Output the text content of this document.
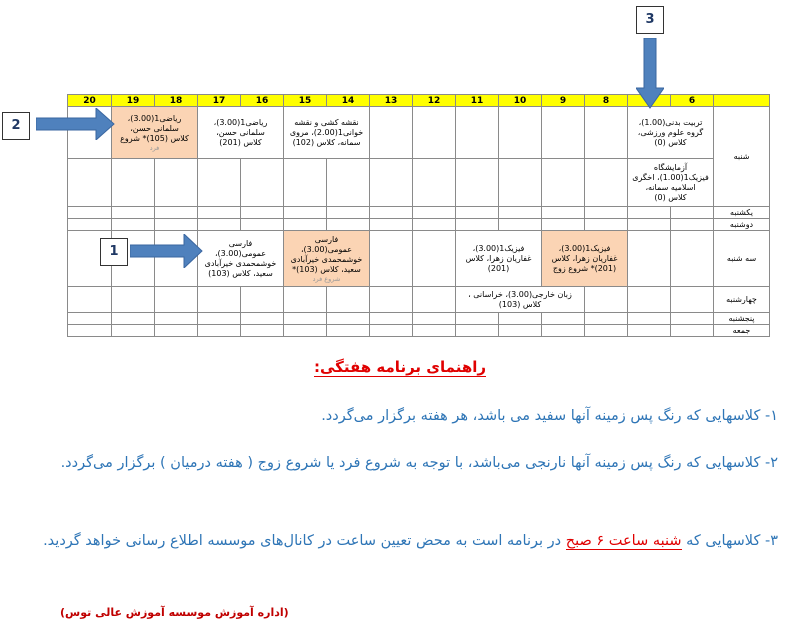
20	19	18	17	16	15	14	13	12	11	10	9	8		6	
	ریاضی1(3.00)،
سلمانی حسن،
کلاس (105)* شروع
فرد		ریاضی1(3.00)،
سلمانی حسن،
کلاس (201)		نقشه کشی و نقشه
خوانی1(2.00)، مروی
سمانه، کلاس (102)								تربیت بدنی(1.00)،
گروه علوم ورزشی،
کلاس (0)		شنبه
													آزمایشگاه
فیزیک1(1.00)، اخگری
اسلامیه سمانه،
کلاس (0)		
															یکشنبه
															دوشنبه
			فارسی
عمومی(3.00)،
خوشمحمدی خیرآبادی
سعید، کلاس (103)		فارسی
عمومی(3.00)،
خوشمحمدی خیرآبادی
سعید، کلاس (103)*
شروع فرد				فیزیک1(3.00)،
غفاریان زهرا، کلاس
(201)		فیزیک1(3.00)،
غفاریان زهرا، کلاس
(201)* شروع زوج				سه شنبه
									زبان خارجی(3.00)، خراسانی ،
کلاس (103)						چهارشنبه
															پنجشنبه
															جمعه
3
2
1
راهنمای برنامه هفتگی:
۱- کلاسهایی که رنگ پس زمینه آنها سفید می باشد، هر هفته برگزار می‌گردد.
۲- کلاسهایی که رنگ پس زمینه آنها نارنجی می‌باشد، با توجه به شروع فرد یا شروع زوج ( هفته درمیان ) برگزار می‌گردد.
۳- کلاسهایی که شنبه ساعت ۶ صبح در برنامه است به محض تعیین ساعت در کانال‌های موسسه اطلاع رسانی خواهد گردید.
(اداره آموزش موسسه آموزش عالی توس)
